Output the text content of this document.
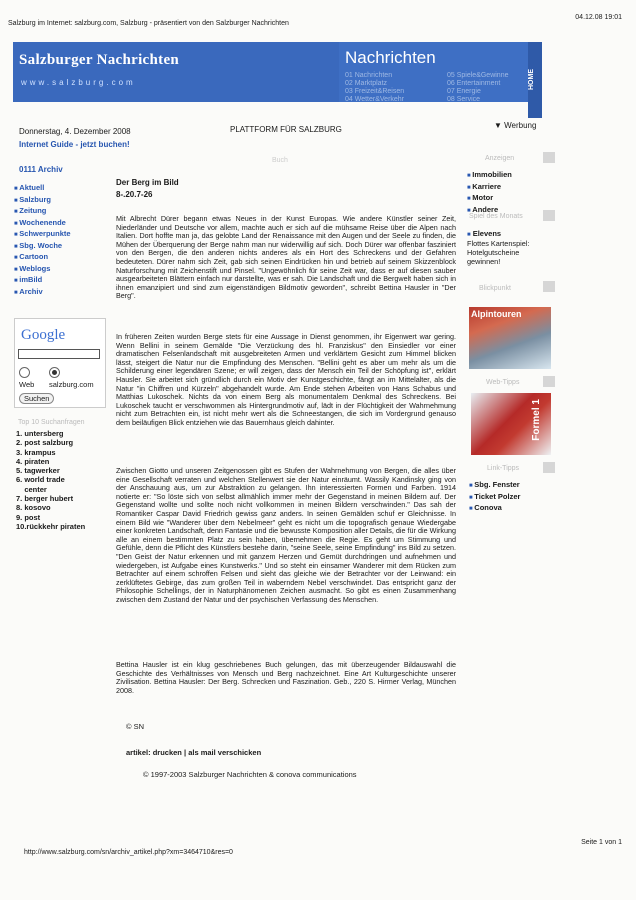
Salzburg im Internet: salzburg.com, Salzburg - präsentiert von den Salzburger Nachrichten
04.12.08 19:01
Salzburger Nachrichten
www.salzburg.com
Nachrichten
01 Nachrichten
02 Marktplatz
03 Freizeit&Reisen
04 Wetter&Verkehr
05 Spiele&Gewinne
06 Entertainment
07 Energie
08 Service
HOME
Donnerstag, 4. Dezember 2008	PLATTFORM FÜR SALZBURG	▼ Werbung
Internet Guide - jetzt buchen!
0111 Archiv
■ Aktuell
■ Salzburg
■ Zeitung
■ Wochenende
■ Schwerpunkte
■ Sbg. Woche
■ Cartoon
■ Weblogs
■ imBild
■ Archiv
Google
Web salzburg.com
Suchen
Top 10 Suchanfragen
1. untersberg
2. post salzburg
3. krampus
4. piraten
5. tagwerker
6. world trade
center
7. berger hubert
8. kosovo
9. post
10.rückkehr piraten
Buch
Der Berg im Bild
8-.20.7-26
Mit Albrecht Dürer begann etwas Neues in der Kunst Europas. Wie andere Künstler seiner Zeit, Niederländer und Deutsche vor allem, machte auch er sich auf die mühsame Reise über die Alpen nach Italien. Dort hoffte man ja, das gelobte Land der Renaissance mit den Augen und der Seele zu finden, die Mühen der Überquerung der Berge nahm man nur widerwillig auf sich. Doch Dürer war offenbar fasziniert von den Bergen, die den anderen nichts anderes als ein Hort des Schreckens und der Gefahren bedeuteten. Dürer nahm sich Zeit, gab sich seinen Eindrücken hin und betrieb auf seinem Skizzenblock Naturforschung mit Zeichenstift und Pinsel. "Ungewöhnlich für seine Zeit war, dass er auf diesen sauber ausgearbeiteten Blättern einfach nur darstellte, was er sah. Die Landschaft und die Bergwelt haben sich in ihnen emanzipiert und sind zum eigenständigen Bildmotiv geworden", schreibt Bettina Hausler in "Der Berg".
In früheren Zeiten wurden Berge stets für eine Aussage in Dienst genommen, ihr Eigenwert war gering. Wenn Bellini in seinem Gemälde "Die Verzückung des hl. Franziskus" den Einsiedler vor einer dramatischen Felsenlandschaft mit ausgebreiteten Armen und verklärtem Gesicht zum Himmel blicken lässt, steigert die Natur nur die Empfindung des Menschen. "Bellini geht es aber um mehr als um die Schilderung einer legendären Szene; er will zeigen, dass der Mensch ein Teil der Schöpfung ist", erklärt Hausler. Sie arbeitet sich gründlich durch ein Motiv der Kunstgeschichte, fängt an im Mittelalter, als die Natur "in Chiffren und Kürzeln" abgehandelt wurde. Am Ende stehen Arbeiten von Hans Schabus und Matthias Lukoschek. Nichts da von einem Berg als monumentalem Denkmal des Schreckens. Bei Lukoschek taucht er verschwommen als Hintergrundmotiv auf, lädt in der Flüchtigkeit der Wahrnehmung nicht zum Betrachten ein, ist nicht mehr wert als die Schneestangen, die sich im Vordergrund genauso dem beiläufigen Blick entziehen wie das Bauernhaus gleich dahinter.
Zwischen Giotto und unseren Zeitgenossen gibt es Stufen der Wahrnehmung von Bergen, die alles über eine Gesellschaft verraten und welchen Stellenwert sie der Natur einräumt. Wassily Kandinsky ging von der Anschauung aus, um zur Abstraktion zu gelangen. Ihn interessierten Formen und Farben. 1914 notierte er: "So löste sich von selbst allmählich immer mehr der Gegenstand in meinen Bildern auf. Der Gegenstand wollte und sollte noch nicht vollkommen in meinen Bildern verschwinden." Das sah der Romantiker Caspar David Friedrich gewiss ganz anders. In seinen Gemälden schuf er Gleichnisse. In einem Bild wie "Wanderer über dem Nebelmeer" geht es nicht um die topografisch genaue Wiedergabe einer konkreten Landschaft, denn Fantasie und die bewusste Komposition aller Details, die für die Wirkung alle an einem bestimmten Platz zu sein haben, übernehmen die Regie. Es geht um Stimmung und Gefühle, denn die Pflicht des Künstlers bestehe darin, "seine Seele, seine Empfindung" ins Bild zu setzen. "Den Geist der Natur erkennen und mit ganzem Herzen und Gemüt durchdringen und aufnehmen und wiedergeben, ist Aufgabe eines Kunstwerks." Und so steht ein einsamer Wanderer mit dem Rücken zum Betrachter auf einem schroffen Felsen und sieht das gleiche wie der Betrachter vor der Leinwand: ein zerklüftetes Gebirge, das zum großen Teil in waberndem Nebel verschwindet. Das entspricht ganz der Philosophie Schellings, der in Naturphänomenen Zeichen ausmacht. So gibt es einen Zusammenhang zwischen dem Zustand der Natur und der psychischen Verfassung des Menschen.
Bettina Hausler ist ein klug geschriebenes Buch gelungen, das mit überzeugender Bildauswahl die Geschichte des Verhältnisses von Mensch und Berg nachzeichnet. Eine Art Kulturgeschichte unserer Zivilisation. Bettina Hausler: Der Berg. Schrecken und Faszination. Geb., 220 S. Hirmer Verlag, München 2008.
© SN
artikel: drucken | als mail verschicken
© 1997-2003 Salzburger Nachrichten & conova communications
Anzeigen
■ Immobilien
■ Karriere
■ Motor
■ Andere
Spiel des Monats
■ Elevens
Flottes Kartenspiel: Hotelgutscheine gewinnen!
Blickpunkt
Alpintouren
Web-Tipps
Formel 1
Link-Tipps
■ Sbg. Fenster
■ Ticket Polzer
■ Conova
http://www.salzburg.com/sn/archiv_artikel.php?xm=3464710&res=0
Seite 1 von 1
